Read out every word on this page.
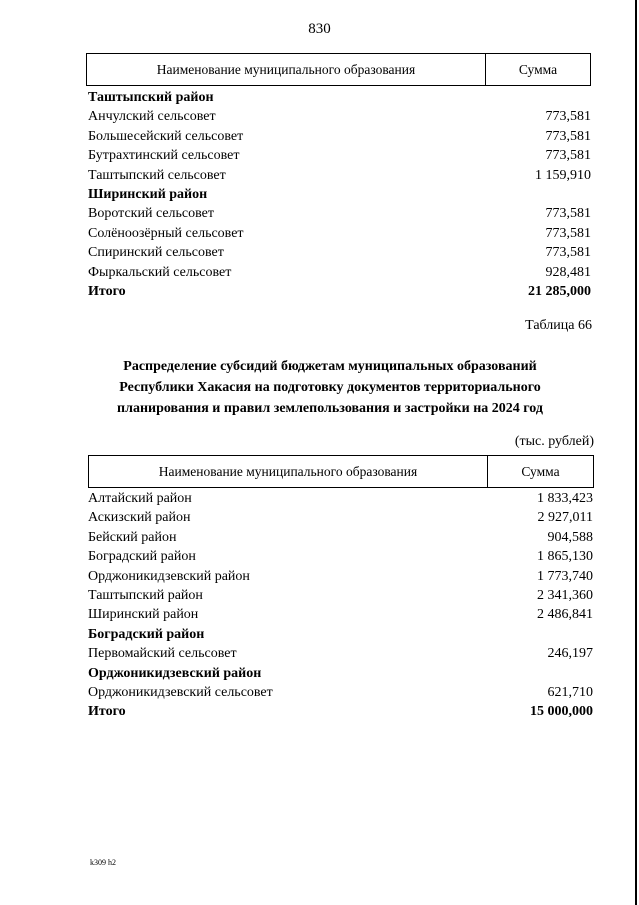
830
Наименование муниципального образования	Сумма
Таштыпский район
Анчулский сельсовет	773,581
Большесейский сельсовет	773,581
Бутрахтинский сельсовет	773,581
Таштыпский сельсовет	1 159,910
Ширинский район
Воротский сельсовет	773,581
Солёноозёрный сельсовет	773,581
Спиринский сельсовет	773,581
Фыркальский сельсовет	928,481
Итого	21 285,000
Таблица 66
Распределение субсидий бюджетам муниципальных образований
Республики Хакасия на подготовку документов территориального
планирования и правил землепользования и застройки на 2024 год
(тыс. рублей)
Наименование муниципального образования	Сумма
Алтайский район	1 833,423
Аскизский район	2 927,011
Бейский район	904,588
Боградский район	1 865,130
Орджоникидзевский район	1 773,740
Таштыпский район	2 341,360
Ширинский район	2 486,841
Боградский район
Первомайский сельсовет	246,197
Орджоникидзевский район
Орджоникидзевский сельсовет	621,710
Итого	15 000,000
k309 h2
